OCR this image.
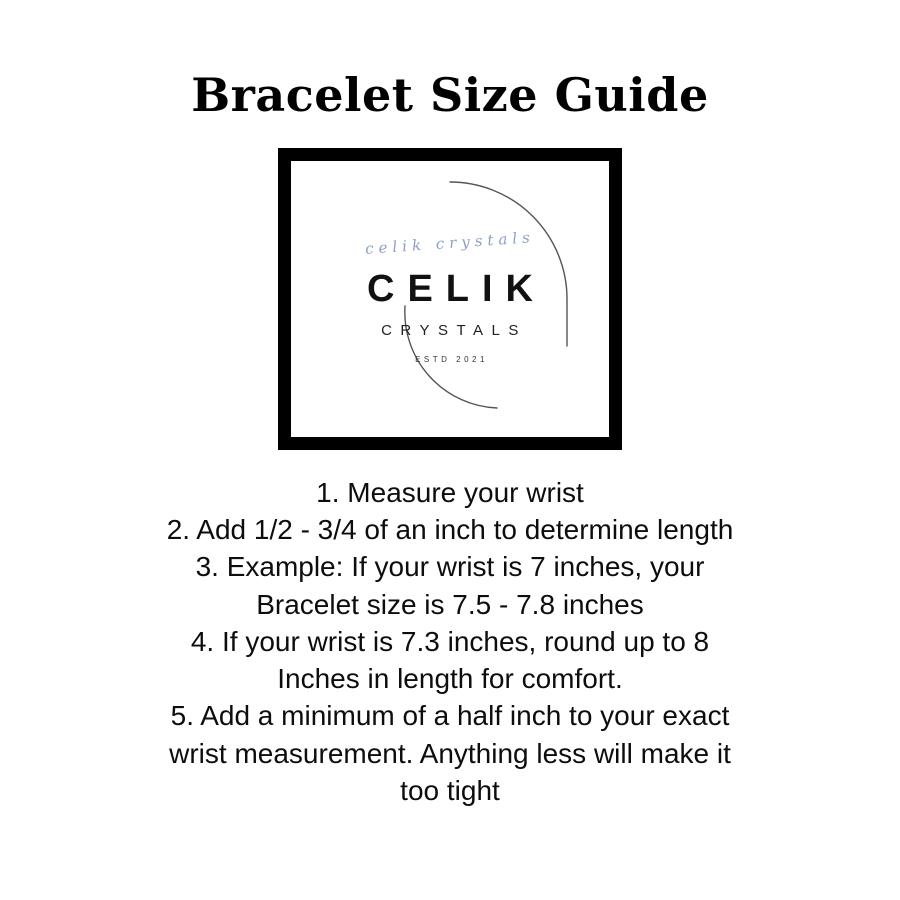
Bracelet Size Guide
celik crystals
CELIK
CRYSTALS
ESTD 2021
1. Measure your wrist
2. Add 1/2 - 3/4 of an inch to determine length
3. Example: If your wrist is 7 inches, your
Bracelet size is 7.5 - 7.8 inches
4. If your wrist is 7.3 inches, round up to 8
Inches in length for comfort.
5. Add a minimum of a half inch to your exact
wrist measurement. Anything less will make it
too tight
